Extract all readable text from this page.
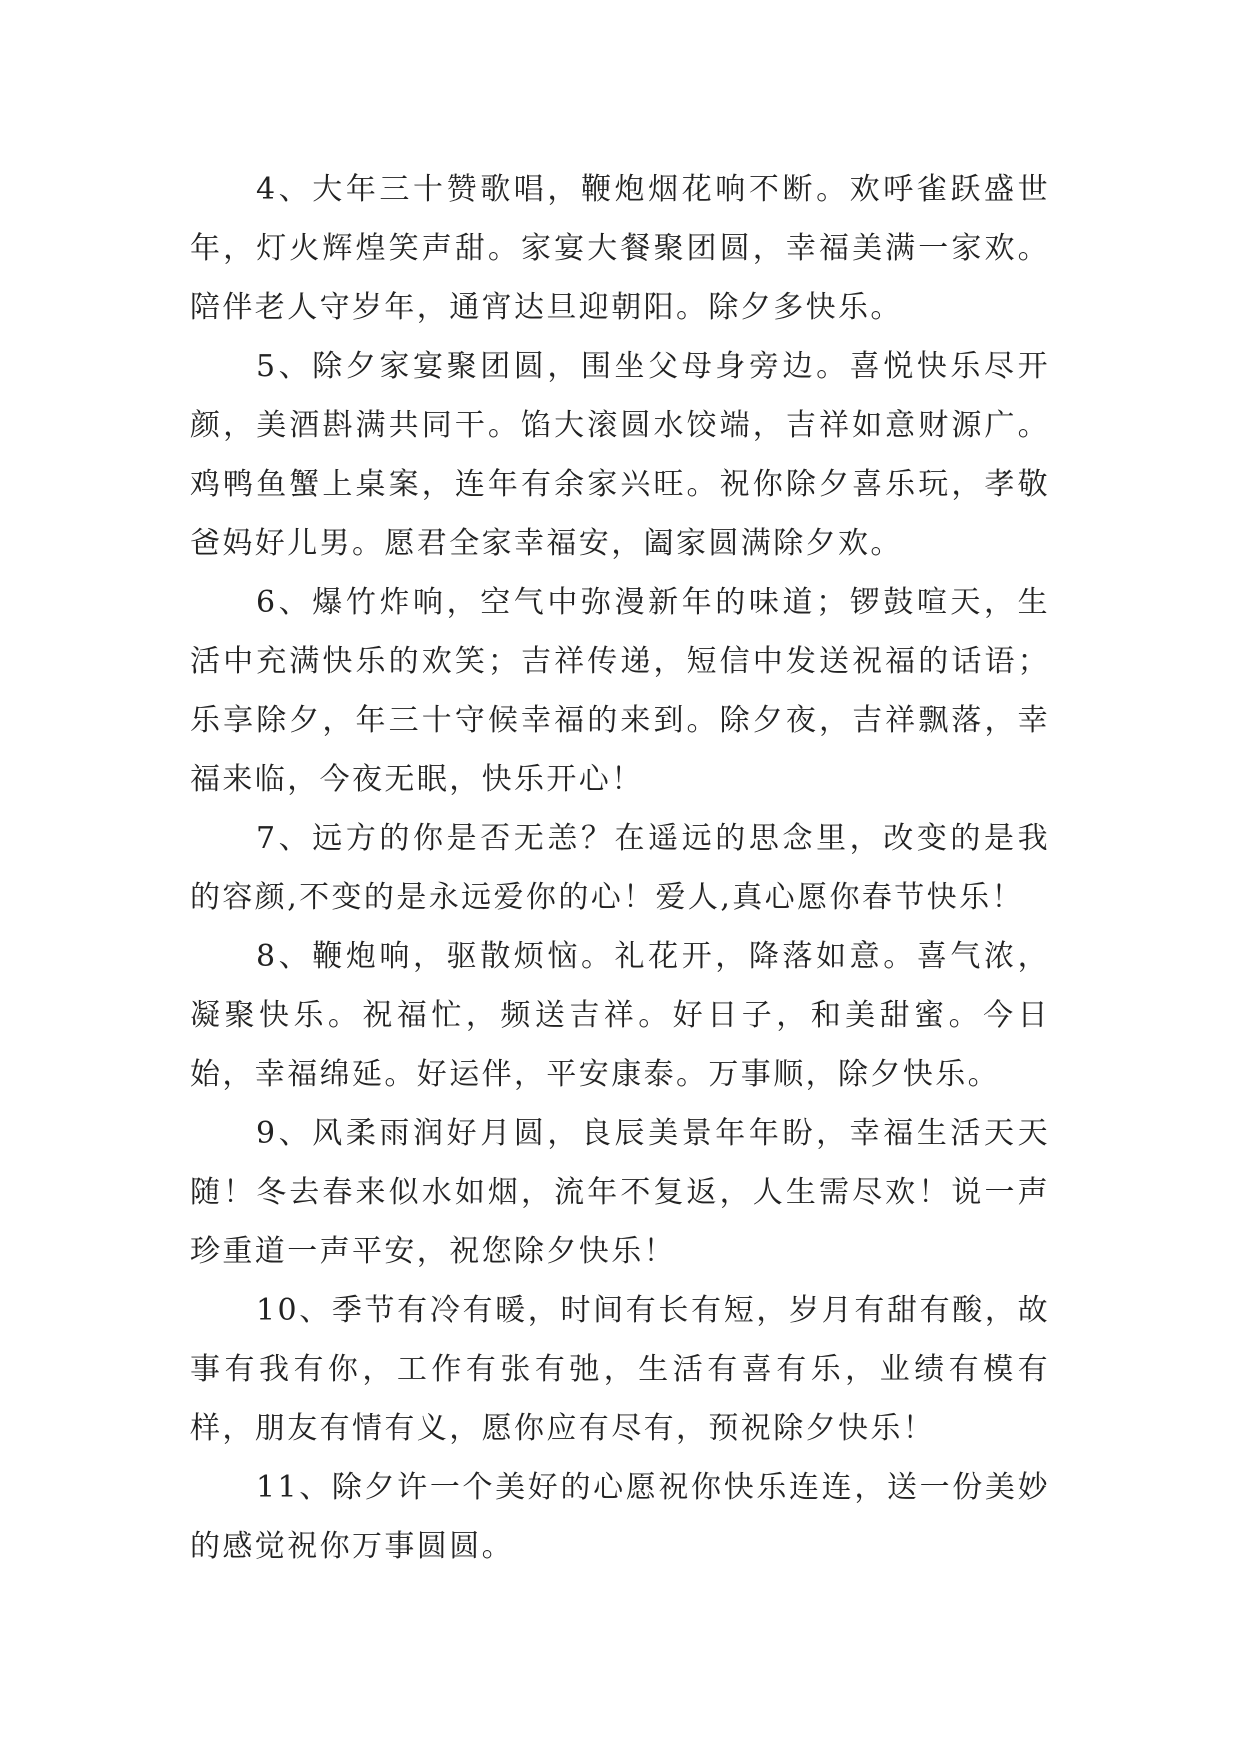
4、大年三十赞歌唱，鞭炮烟花响不断。欢呼雀跃盛世年，灯火辉煌笑声甜。家宴大餐聚团圆，幸福美满一家欢。陪伴老人守岁年，通宵达旦迎朝阳。除夕多快乐。

5、除夕家宴聚团圆，围坐父母身旁边。喜悦快乐尽开颜，美酒斟满共同干。馅大滚圆水饺端，吉祥如意财源广。鸡鸭鱼蟹上桌案，连年有余家兴旺。祝你除夕喜乐玩，孝敬爸妈好儿男。愿君全家幸福安，阖家圆满除夕欢。

6、爆竹炸响，空气中弥漫新年的味道；锣鼓喧天，生活中充满快乐的欢笑；吉祥传递，短信中发送祝福的话语；乐享除夕，年三十守候幸福的来到。除夕夜，吉祥飘落，幸福来临，今夜无眠，快乐开心！

7、远方的你是否无恙？在遥远的思念里，改变的是我的容颜,不变的是永远爱你的心！爱人,真心愿你春节快乐！

8、鞭炮响，驱散烦恼。礼花开，降落如意。喜气浓，凝聚快乐。祝福忙，频送吉祥。好日子，和美甜蜜。今日始，幸福绵延。好运伴，平安康泰。万事顺，除夕快乐。

9、风柔雨润好月圆，良辰美景年年盼，幸福生活天天随！冬去春来似水如烟，流年不复返，人生需尽欢！说一声珍重道一声平安，祝您除夕快乐！

10、季节有冷有暖，时间有长有短，岁月有甜有酸，故事有我有你，工作有张有弛，生活有喜有乐，业绩有模有样，朋友有情有义，愿你应有尽有，预祝除夕快乐！

11、除夕许一个美好的心愿祝你快乐连连，送一份美妙的感觉祝你万事圆圆。
